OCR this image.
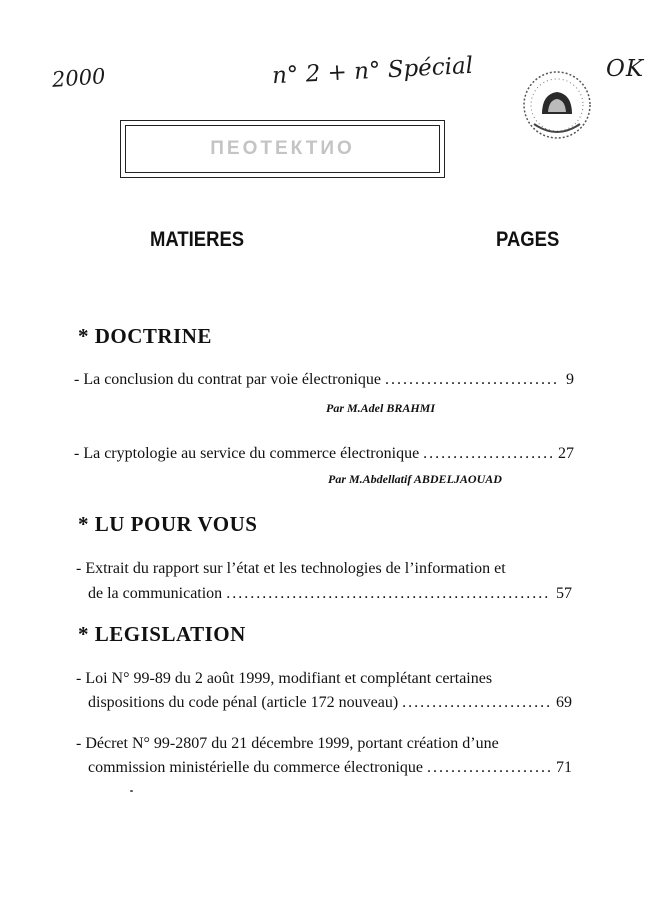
2000	n° 2 + n° Spécial	OK
ПЕОТЕКТИО
MATIERES	PAGES
* DOCTRINE
- La conclusion du contrat par voie électronique .....	9
Par M.Adel BRAHMI
- La cryptologie au service du commerce électronique .....	27
Par M.Abdellatif ABDELJAOUAD
* LU POUR VOUS
- Extrait du rapport sur l’état et les technologies de l’information et
de la communication .....	57
* LEGISLATION
- Loi N° 99-89 du 2 août 1999, modifiant et complétant certaines
dispositions du code pénal (article 172 nouveau) .....	69
- Décret N° 99-2807 du 21 décembre 1999, portant création d’une
commission ministérielle du commerce électronique .....	71
